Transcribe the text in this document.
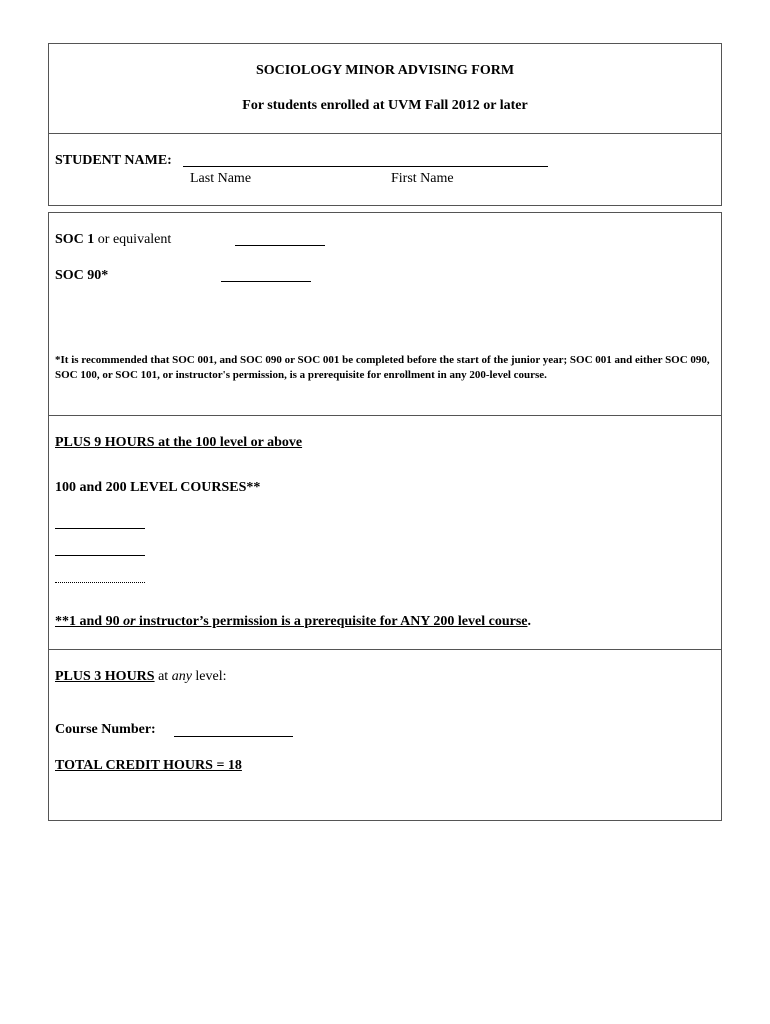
SOCIOLOGY MINOR ADVISING FORM
For students enrolled at UVM Fall 2012 or later
STUDENT NAME:
Last Name	First Name
SOC 1 or equivalent
SOC 90*
*It is recommended that SOC 001, and SOC 090 or SOC 001 be completed before the start of the junior year; SOC 001 and either SOC 090, SOC 100, or SOC 101, or instructor's permission, is a prerequisite for enrollment in any 200-level course.
PLUS 9 HOURS at the 100 level or above
100 and 200 LEVEL COURSES**
**1 and 90 or instructor’s permission is a prerequisite for ANY 200 level course.
PLUS 3 HOURS at any level:
Course Number:
TOTAL CREDIT HOURS = 18
